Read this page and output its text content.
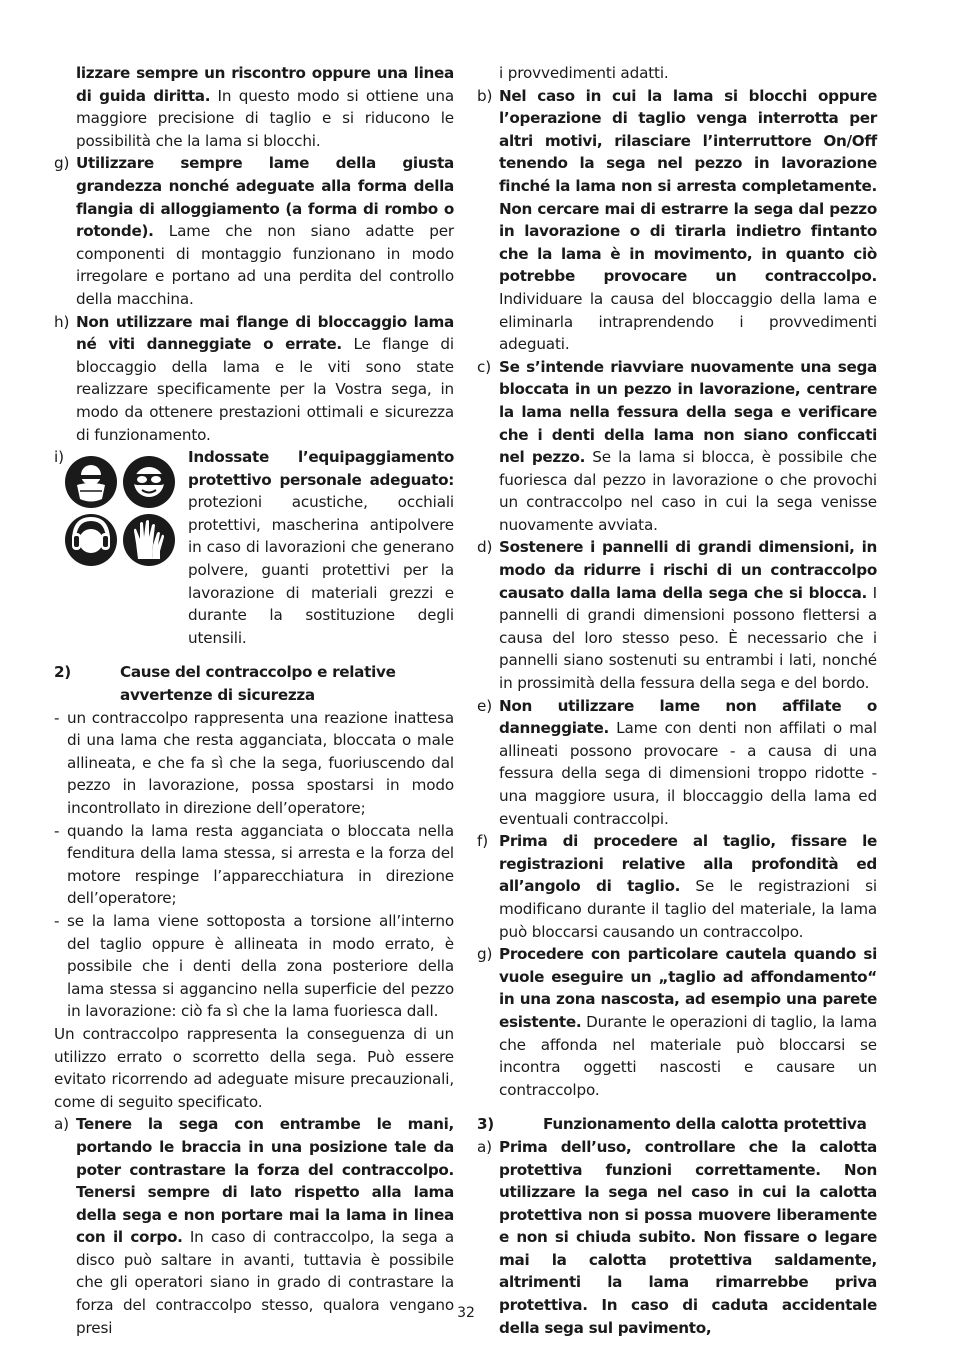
lizzare sempre un riscontro oppure una linea di guida diritta. In questo modo si ottiene una maggiore precisione di taglio e si riducono le possibilità che la lama si blocchi.

g) Utilizzare sempre lame della giusta grandezza nonché adeguate alla forma della flangia di alloggiamento (a forma di rombo o rotonde). Lame che non siano adatte per componenti di montaggio funzionano in modo irregolare e portano ad una perdita del controllo della macchina.

h) Non utilizzare mai flange di bloccaggio lama né viti danneggiate o errate. Le flange di bloccaggio della lama e le viti sono state realizzare specificamente per la Vostra sega, in modo da ottenere prestazioni ottimali e sicurezza di funzionamento.

i)	Indossate l’equipaggiamento protettivo personale adeguato: protezioni acustiche, occhiali protettivi, mascherina antipolvere in caso di lavorazioni che generano polvere, guanti protettivi per la lavorazione di materiali grezzi e durante la sostituzione degli utensili.

2)	Cause del contraccolpo e relative avvertenze di sicurezza

- un contraccolpo rappresenta una reazione inattesa di una lama che resta agganciata, bloccata o male allineata, e che fa sì che la sega, fuoriuscendo dal pezzo in lavorazione, possa spostarsi in modo incontrollato in direzione dell’operatore;

- quando la lama resta agganciata o bloccata nella fenditura della lama stessa, si arresta e la forza del motore respinge l’apparecchiatura in direzione dell’operatore;

- se la lama viene sottoposta a torsione all’interno del taglio oppure è allineata in modo errato, è possibile che i denti della zona posteriore della lama stessa si aggancino nella superficie del pezzo in lavorazione: ciò fa sì che la lama fuoriesca dall.

Un contraccolpo rappresenta la conseguenza di un utilizzo errato o scorretto della sega. Può essere evitato ricorrendo ad adeguate misure precauzionali, come di seguito specificato.

a) Tenere la sega con entrambe le mani, portando le braccia in una posizione tale da poter contrastare la forza del contraccolpo. Tenersi sempre di lato rispetto alla lama della sega e non portare mai la lama in linea con il corpo. In caso di contraccolpo, la sega a disco può saltare in avanti, tuttavia è possibile che gli operatori siano in grado di contrastare la forza del contraccolpo stesso, qualora vengano presi

i provvedimenti adatti.

b) Nel caso in cui la lama si blocchi oppure l’operazione di taglio venga interrotta per altri motivi, rilasciare l’interruttore On/Off tenendo la sega nel pezzo in lavorazione finché la lama non si arresta completamente. Non cercare mai di estrarre la sega dal pezzo in lavorazione o di tirarla indietro fintanto che la lama è in movimento, in quanto ciò potrebbe provocare un contraccolpo. Individuare la causa del bloccaggio della lama e eliminarla intraprendendo i provvedimenti adeguati.

c) Se s’intende riavviare nuovamente una sega bloccata in un pezzo in lavorazione, centrare la lama nella fessura della sega e verificare che i denti della lama non siano conficcati nel pezzo. Se la lama si blocca, è possibile che fuoriesca dal pezzo in lavorazione o che provochi un contraccolpo nel caso in cui la sega venisse nuovamente avviata.

d) Sostenere i pannelli di grandi dimensioni, in modo da ridurre i rischi di un contraccolpo causato dalla lama della sega che si blocca. I pannelli di grandi dimensioni possono flettersi a causa del loro stesso peso. È necessario che i pannelli siano sostenuti su entrambi i lati, nonché in prossimità della fessura della sega e del bordo.

e) Non utilizzare lame non affilate o danneggiate. Lame con denti non affilati o mal allineati possono provocare - a causa di una fessura della sega di dimensioni troppo ridotte - una maggiore usura, il bloccaggio della lama ed eventuali contraccolpi.

f) Prima di procedere al taglio, fissare le registrazioni relative alla profondità ed all’angolo di taglio. Se le registrazioni si modificano durante il taglio del materiale, la lama può bloccarsi causando un contraccolpo.

g) Procedere con particolare cautela quando si vuole eseguire un „taglio ad affondamento“ in una zona nascosta, ad esempio una parete esistente. Durante le operazioni di taglio, la lama che affonda nel materiale può bloccarsi se incontra oggetti nascosti e causare un contraccolpo.

3)	Funzionamento della calotta protettiva

a) Prima dell’uso, controllare che la calotta protettiva funzioni correttamente. Non utilizzare la sega nel caso in cui la calotta protettiva non si possa muovere liberamente e non si chiuda subito. Non fissare o legare mai la calotta protettiva saldamente, altrimenti la lama rimarrebbe priva protettiva. In caso di caduta accidentale della sega sul pavimento,

32
